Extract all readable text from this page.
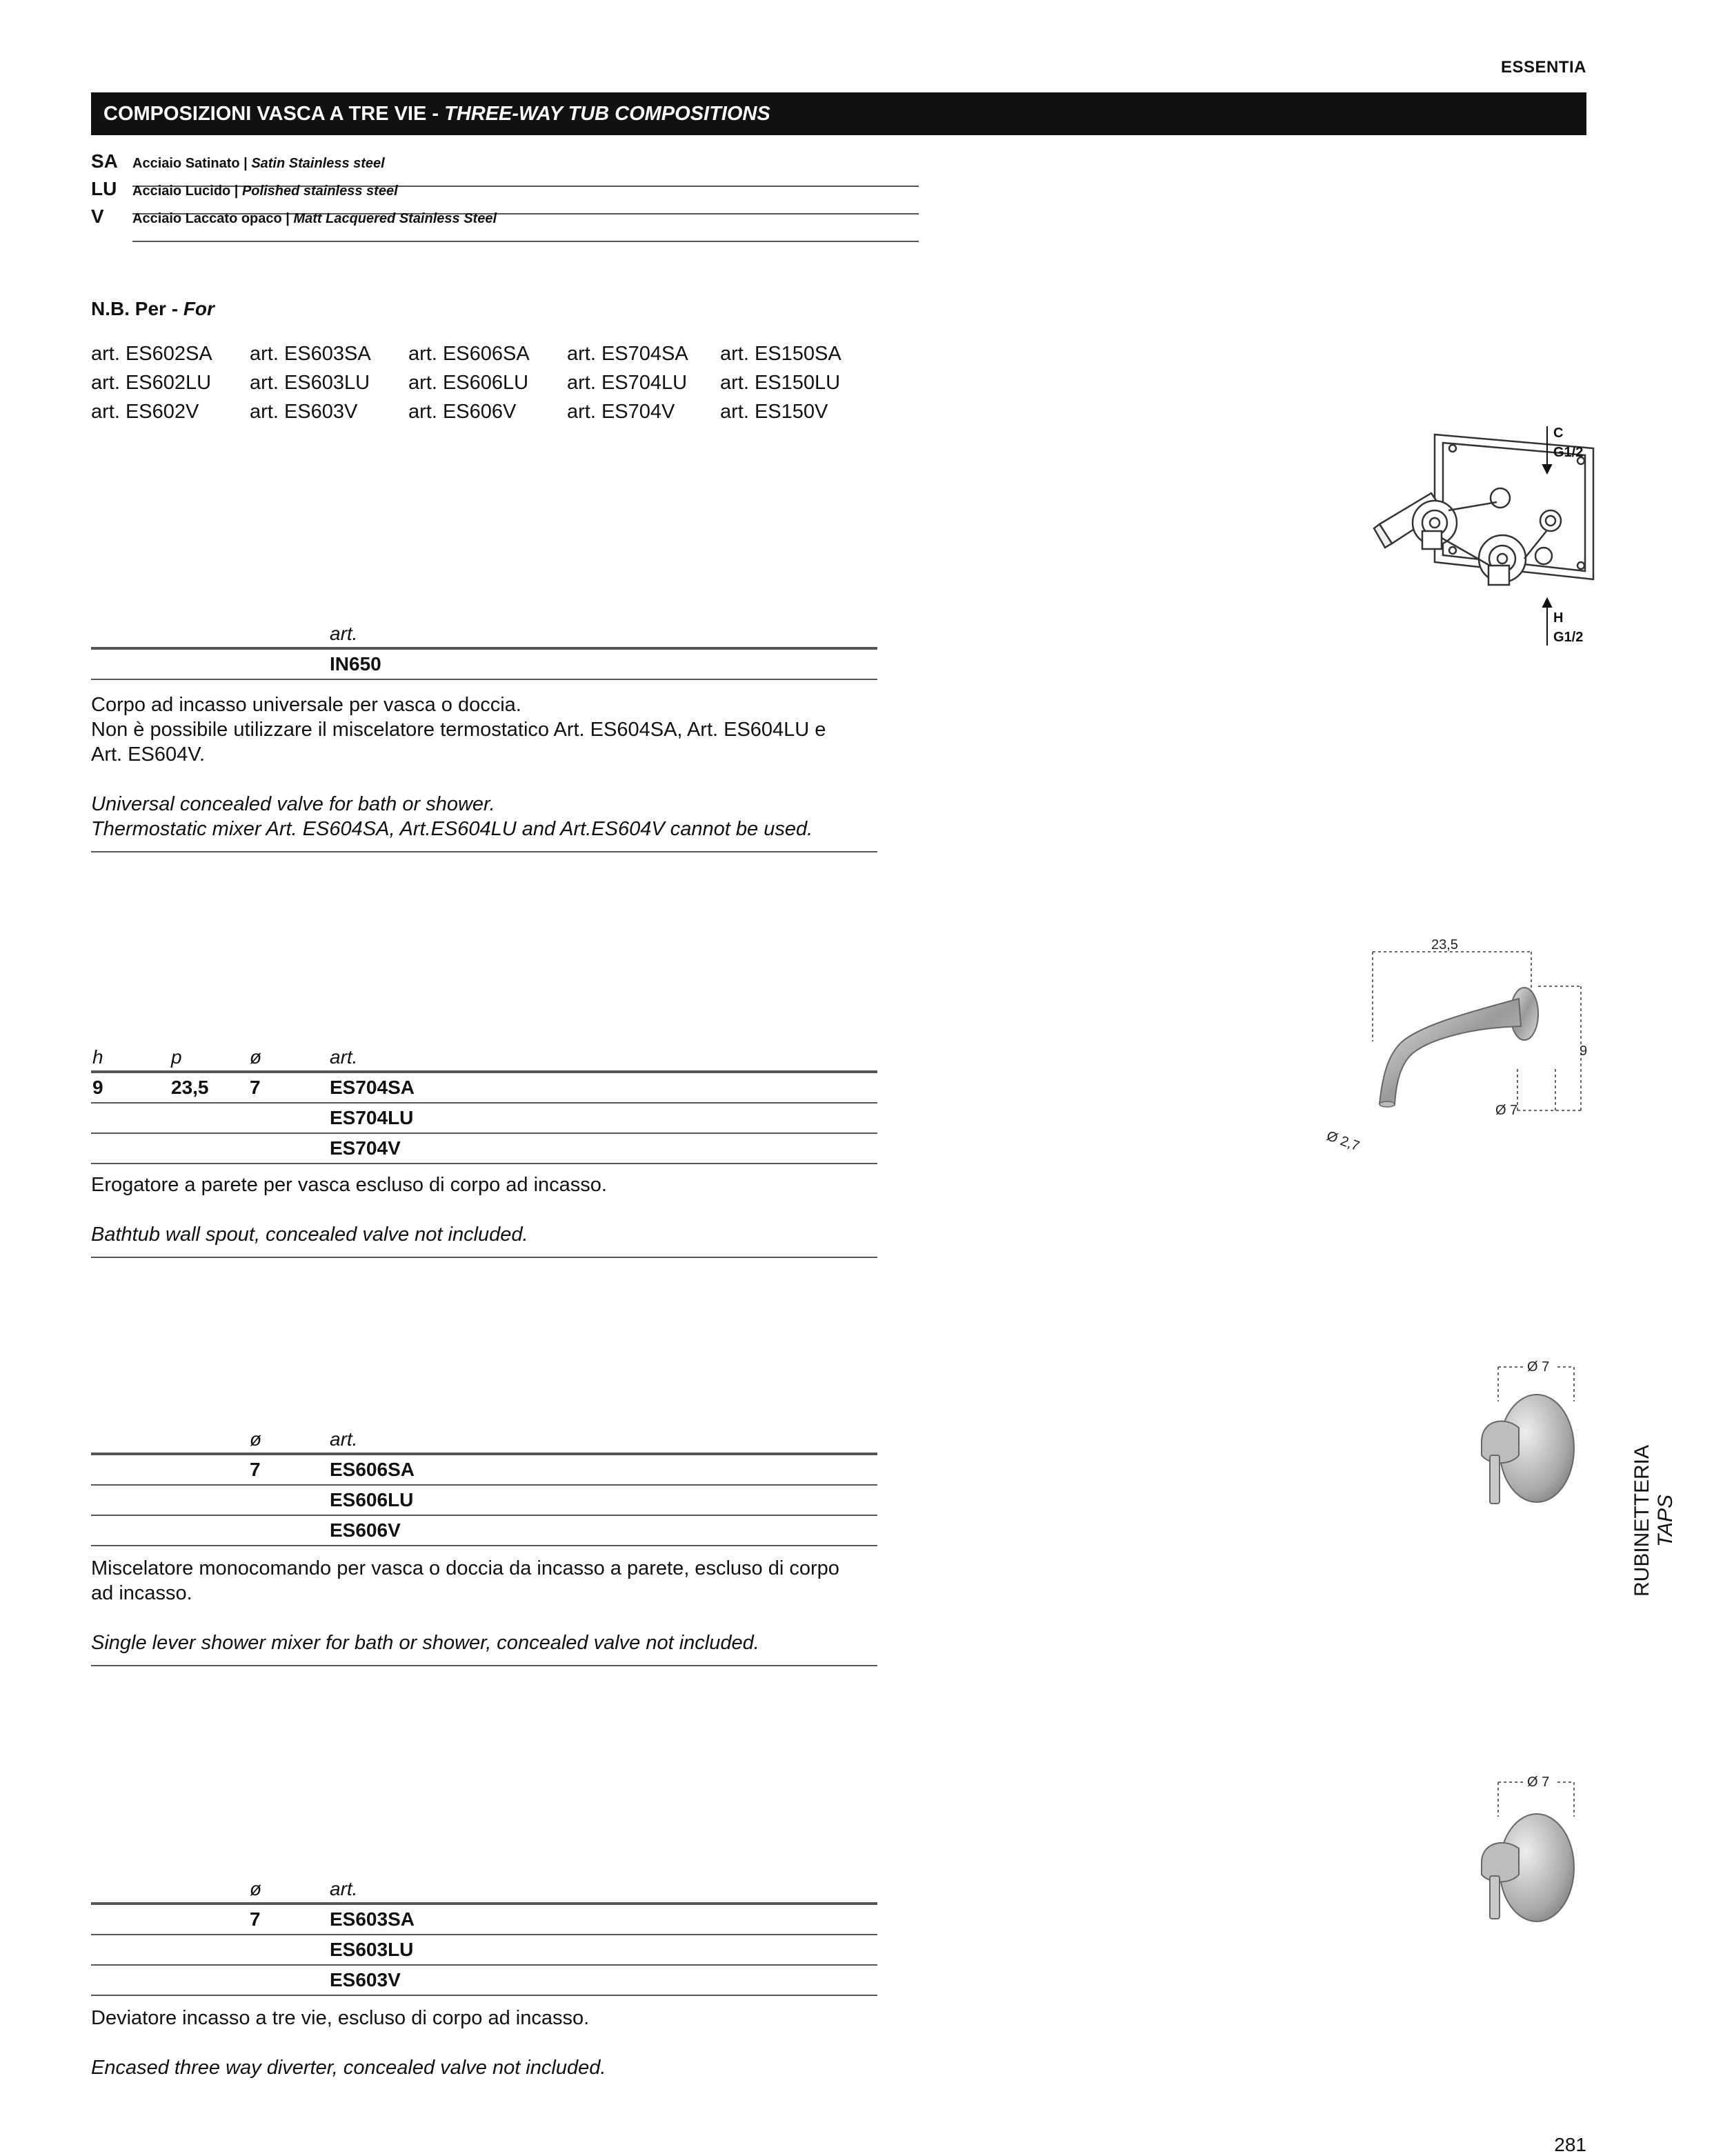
ESSENTIA
COMPOSIZIONI VASCA A TRE VIE - THREE-WAY TUB COMPOSITIONS
SA	Acciaio Satinato | Satin Stainless steel
LU	Acciaio Lucido | Polished stainless steel
V	Acciaio Laccato opaco | Matt Lacquered Stainless Steel
N.B. Per - For
art. ES602SA	art. ES603SA	art. ES606SA	art. ES704SA	art. ES150SA
art. ES602LU	art. ES603LU	art. ES606LU	art. ES704LU	art. ES150LU
art. ES602V	art. ES603V	art. ES606V	art. ES704V	art. ES150V
art.
IN650

Corpo ad incasso universale per vasca o doccia.

Non è possibile utilizzare il miscelatore termostatico Art. ES604SA, Art. ES604LU e

Art. ES604V.

Universal concealed valve for bath or shower.

Thermostatic mixer Art. ES604SA, Art.ES604LU and Art.ES604V cannot be used.

C
G1/2
H
G1/2
h	p	ø	art.
9	23,5 7	ES704SA
ES704LU
ES704V

Erogatore a parete per vasca escluso di corpo ad incasso.

Bathtub wall spout, concealed valve not included.

23,5
9
Ø 7
Ø 2,7
ø	art.
7	ES606SA
ES606LU
ES606V

Miscelatore monocomando per vasca o doccia da incasso a parete, escluso di corpo

ad incasso.

Single lever shower mixer for bath or shower, concealed valve not included.

Ø 7
ø	art.
7	ES603SA
ES603LU
ES603V

Deviatore incasso a tre vie, escluso di corpo ad incasso.

Encased three way diverter, concealed valve not included.

Ø 7
RUBINETTERIA TAPS
281
